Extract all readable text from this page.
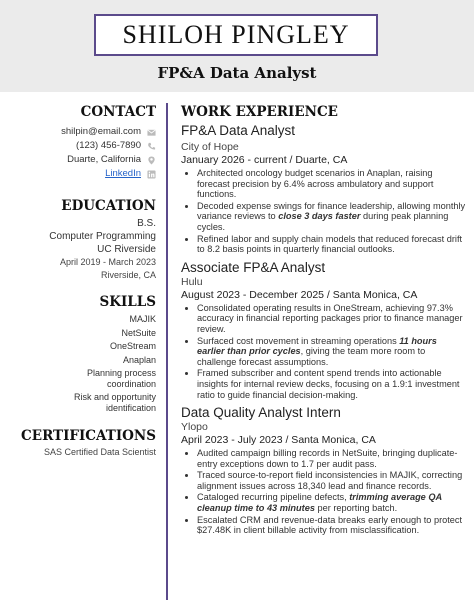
SHILOH PINGLEY
FP&A Data Analyst
CONTACT
shilpin@email.com
(123) 456-7890
Duarte, California
LinkedIn
EDUCATION
B.S.
Computer Programming
UC Riverside
April 2019 - March 2023
Riverside, CA
SKILLS
MAJIK
NetSuite
OneStream
Anaplan
Planning process coordination
Risk and opportunity identification
CERTIFICATIONS
SAS Certified Data Scientist
WORK EXPERIENCE
FP&A Data Analyst
City of Hope
January 2026 - current / Duarte, CA
• Architected oncology budget scenarios in Anaplan, raising forecast precision by 6.4% across ambulatory and support functions.
• Decoded expense swings for finance leadership, allowing monthly variance reviews to close 3 days faster during peak planning cycles.
• Refined labor and supply chain models that reduced forecast drift to 8.2 basis points in quarterly financial outlooks.
Associate FP&A Analyst
Hulu
August 2023 - December 2025 / Santa Monica, CA
• Consolidated operating results in OneStream, achieving 97.3% accuracy in financial reporting packages prior to finance manager review.
• Surfaced cost movement in streaming operations 11 hours earlier than prior cycles, giving the team more room to challenge forecast assumptions.
• Framed subscriber and content spend trends into actionable insights for internal review decks, focusing on a 1.9:1 investment ratio to guide financial decision-making.
Data Quality Analyst Intern
Ylopo
April 2023 - July 2023 / Santa Monica, CA
• Audited campaign billing records in NetSuite, bringing duplicate-entry exceptions down to 1.7 per audit pass.
• Traced source-to-report field inconsistencies in MAJIK, correcting alignment issues across 18,340 lead and finance records.
• Cataloged recurring pipeline defects, trimming average QA cleanup time to 43 minutes per reporting batch.
• Escalated CRM and revenue-data breaks early enough to protect $27.48K in client billable activity from misclassification.
